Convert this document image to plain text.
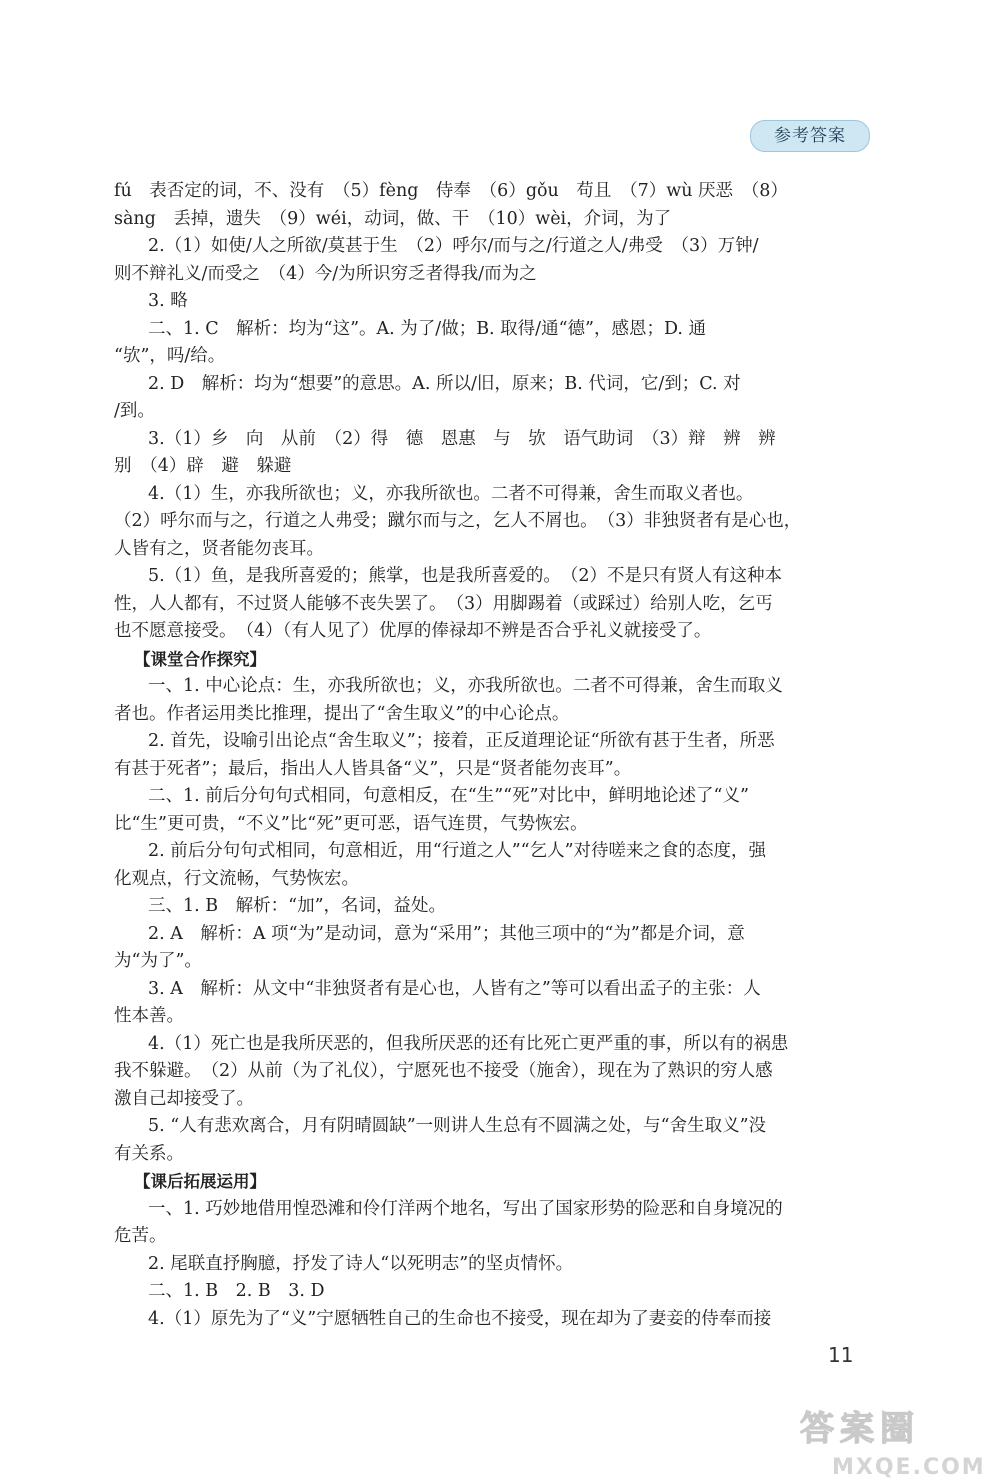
参考答案
fú　表否定的词，不、没有　（5）fèng　侍奉　（6）gǒu　苟且　（7）wù 厌恶　（8）
sàng　丢掉，遗失　（9）wéi，动词，做、干　（10）wèi，介词，为了
2.（1）如使/人之所欲/莫甚于生　（2）呼尔/而与之/行道之人/弗受　（3）万钟/
则不辩礼义/而受之　（4）今/为所识穷乏者得我/而为之
3. 略
二、1. C　解析：均为“这”。A. 为了/做；B. 取得/通“德”，感恩；D. 通
“欤”，吗/给。
2. D　解析：均为“想要”的意思。A. 所以/旧，原来；B. 代词，它/到；C. 对
/到。
3.（1）乡　向　从前　（2）得　德　恩惠　与　欤　语气助词　（3）辩　辨　辨
别　（4）辟　避　躲避
4.（1）生，亦我所欲也；义，亦我所欲也。二者不可得兼，舍生而取义者也。
（2）呼尔而与之，行道之人弗受；蹴尔而与之，乞人不屑也。　（3）非独贤者有是心也，
人皆有之，贤者能勿丧耳。
5.（1）鱼，是我所喜爱的；熊掌，也是我所喜爱的。　（2）不是只有贤人有这种本
性，人人都有，不过贤人能够不丧失罢了。　（3）用脚踢着（或踩过）给别人吃，乞丐
也不愿意接受。　（4）（有人见了）优厚的俸禄却不辨是否合乎礼义就接受了。
【课堂合作探究】
一、1. 中心论点：生，亦我所欲也；义，亦我所欲也。二者不可得兼，舍生而取义
者也。作者运用类比推理，提出了“舍生取义”的中心论点。
2. 首先，设喻引出论点“舍生取义”；接着，正反道理论证“所欲有甚于生者，所恶
有甚于死者”；最后，指出人人皆具备“义”，只是“贤者能勿丧耳”。
二、1. 前后分句句式相同，句意相反，在“生”“死”对比中，鲜明地论述了“义”
比“生”更可贵，“不义”比“死”更可恶，语气连贯，气势恢宏。
2. 前后分句句式相同，句意相近，用“行道之人”“乞人”对待嗟来之食的态度，强
化观点，行文流畅，气势恢宏。
三、1. B　解析：“加”，名词，益处。
2. A　解析：A 项“为”是动词，意为“采用”；其他三项中的“为”都是介词，意
为“为了”。
3. A　解析：从文中“非独贤者有是心也，人皆有之”等可以看出孟子的主张：人
性本善。
4.（1）死亡也是我所厌恶的，但我所厌恶的还有比死亡更严重的事，所以有的祸患
我不躲避。　（2）从前（为了礼仪），宁愿死也不接受（施舍），现在为了熟识的穷人感
激自己却接受了。
5. “人有悲欢离合，月有阴晴圆缺”一则讲人生总有不圆满之处，与“舍生取义”没
有关系。
【课后拓展运用】
一、1. 巧妙地借用惶恐滩和伶仃洋两个地名，写出了国家形势的险恶和自身境况的
危苦。
2. 尾联直抒胸臆，抒发了诗人“以死明志”的坚贞情怀。
二、1. B　2. B　3. D
4.（1）原先为了“义”宁愿牺牲自己的生命也不接受，现在却为了妻妾的侍奉而接
11
答案圈
MXQE.COM
